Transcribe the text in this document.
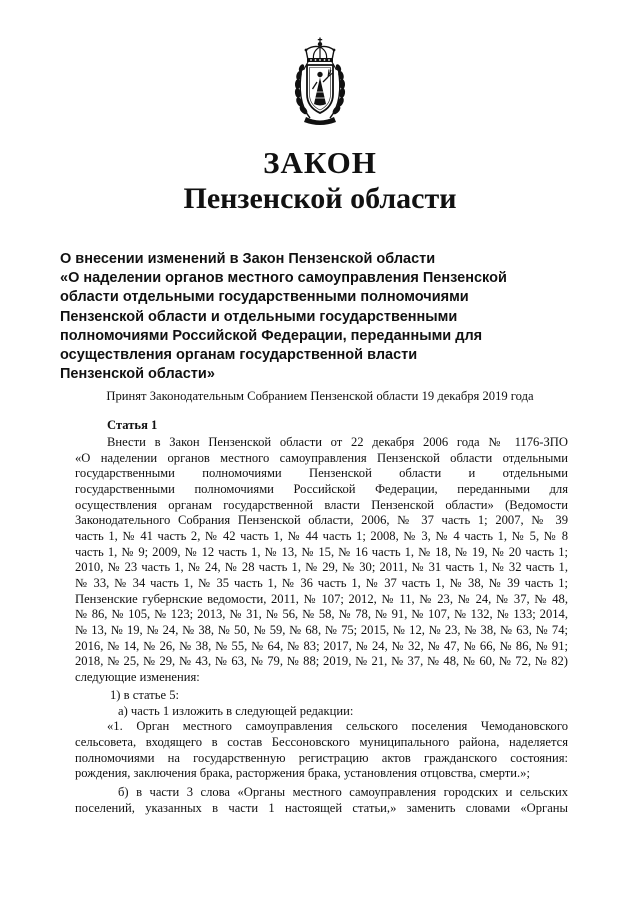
ЗАКОН
Пензенской области
О внесении изменений в Закон Пензенской области
«О наделении органов местного самоуправления Пензенской
области отдельными государственными полномочиями
Пензенской области и отдельными государственными
полномочиями Российской Федерации, переданными для
осуществления органам государственной власти
Пензенской области»
Принят Законодательным Собранием Пензенской области 19 декабря 2019 года
Статья 1
Внести в Закон Пензенской области от 22 декабря 2006 года № 1176-ЗПО
«О наделении органов местного самоуправления Пензенской области отдельными
государственными полномочиями Пензенской области и отдельными
государственными полномочиями Российской Федерации, переданными для
осуществления органам государственной власти Пензенской области» (Ведомости
Законодательного Собрания Пензенской области, 2006, № 37 часть 1; 2007, № 39
часть 1, № 41 часть 2, № 42 часть 1, № 44 часть 1; 2008, № 3, № 4 часть 1, № 5, № 8
часть 1, № 9; 2009, № 12 часть 1, № 13, № 15, № 16 часть 1, № 18, № 19, № 20 часть 1;
2010, № 23 часть 1, № 24, № 28 часть 1, № 29, № 30; 2011, № 31 часть 1, № 32 часть 1,
№ 33, № 34 часть 1, № 35 часть 1, № 36 часть 1, № 37 часть 1, № 38, № 39 часть 1;
Пензенские губернские ведомости, 2011, № 107; 2012, № 11, № 23, № 24, № 37, № 48,
№ 86, № 105, № 123; 2013, № 31, № 56, № 58, № 78, № 91, № 107, № 132, № 133; 2014,
№ 13, № 19, № 24, № 38, № 50, № 59, № 68, № 75; 2015, № 12, № 23, № 38, № 63, № 74;
2016, № 14, № 26, № 38, № 55, № 64, № 83; 2017, № 24, № 32, № 47, № 66, № 86, № 91;
2018, № 25, № 29, № 43, № 63, № 79, № 88; 2019, № 21, № 37, № 48, № 60, № 72, № 82)
следующие изменения:
1) в статье 5:
а) часть 1 изложить в следующей редакции:
«1. Орган местного самоуправления сельского поселения Чемодановского
сельсовета, входящего в состав Бессоновского муниципального района, наделяется
полномочиями на государственную регистрацию актов гражданского состояния:
рождения, заключения брака, расторжения брака, установления отцовства, смерти.»;
б) в части 3 слова «Органы местного самоуправления городских и сельских
поселений, указанных в части 1 настоящей статьи,» заменить словами «Органы
